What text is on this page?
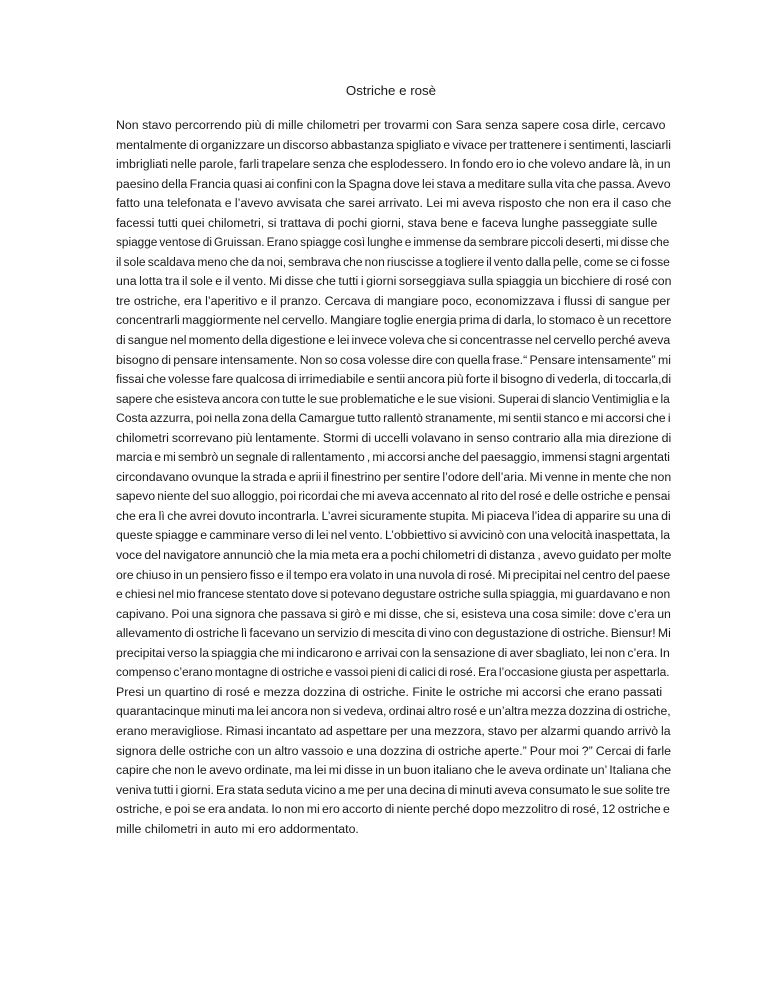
Ostriche e rosè
Non stavo percorrendo più di mille chilometri per trovarmi con Sara senza sapere cosa dirle, cercavo
mentalmente di organizzare un discorso abbastanza spigliato e vivace per trattenere i sentimenti, lasciarli
imbrigliati nelle parole, farli trapelare senza che esplodessero. In fondo ero io che volevo andare là, in un
paesino della Francia quasi ai confini con la Spagna dove lei stava a meditare sulla vita che passa. Avevo
fatto una telefonata e l’avevo avvisata che sarei arrivato. Lei mi aveva risposto che non era il caso che
facessi tutti quei chilometri, si trattava di pochi giorni, stava bene e faceva lunghe passeggiate sulle
spiagge ventose di Gruissan. Erano spiagge così lunghe e immense da sembrare piccoli deserti, mi disse che
il sole scaldava meno che da noi, sembrava che non riuscisse a togliere il vento dalla pelle, come se ci fosse
una lotta tra il sole e il vento. Mi disse che tutti i giorni sorseggiava sulla spiaggia un bicchiere di rosé con
tre ostriche, era l’aperitivo e il pranzo. Cercava di mangiare poco, economizzava i flussi di sangue per
concentrarli maggiormente nel cervello. Mangiare toglie energia prima di darla, lo stomaco è un recettore
di sangue nel momento della digestione e lei invece voleva che si concentrasse nel cervello perché aveva
bisogno di pensare intensamente. Non so cosa volesse dire con quella frase.“ Pensare intensamente” mi
fissai che volesse fare qualcosa di irrimediabile e sentii ancora più forte il bisogno di vederla, di toccarla,di
sapere che esisteva ancora con tutte le sue problematiche e le sue visioni. Superai di slancio Ventimiglia e la
Costa azzurra, poi nella zona della Camargue tutto rallentò stranamente, mi sentii stanco e mi accorsi che i
chilometri scorrevano più lentamente. Stormi di uccelli volavano in senso contrario alla mia direzione di
marcia e mi sembrò un segnale di rallentamento , mi accorsi anche del paesaggio, immensi stagni argentati
circondavano ovunque la strada e aprii il finestrino per sentire l’odore dell’aria. Mi venne in mente che non
sapevo niente del suo alloggio, poi ricordai che mi aveva accennato al rito del rosé e delle ostriche e pensai
che era lì che avrei dovuto incontrarla. L’avrei sicuramente stupita. Mi piaceva l’idea di apparire su una di
queste spiagge e camminare verso di lei nel vento. L’obbiettivo si avvicinò con una velocità inaspettata, la
voce del navigatore annunciò che la mia meta era a pochi chilometri di distanza , avevo guidato per molte
ore chiuso in un pensiero fisso e il tempo era volato in una nuvola di rosé. Mi precipitai nel centro del paese
e chiesi nel mio francese stentato dove si potevano degustare ostriche sulla spiaggia, mi guardavano e non
capivano. Poi una signora che passava si girò e mi disse, che si, esisteva una cosa simile: dove c’era un
allevamento di ostriche lì facevano un servizio di mescita di vino con degustazione di ostriche. Biensur! Mi
precipitai verso la spiaggia che mi indicarono e arrivai con la sensazione di aver sbagliato, lei non c’era. In
compenso c’erano montagne di ostriche e vassoi pieni di calici di rosé. Era l’occasione giusta per aspettarla.
Presi un quartino di rosé e mezza dozzina di ostriche. Finite le ostriche mi accorsi che erano passati
quarantacinque minuti ma lei ancora non si vedeva, ordinai altro rosé e un’altra mezza dozzina di ostriche,
erano meravigliose. Rimasi incantato ad aspettare per una mezzora, stavo per alzarmi quando arrivò la
signora delle ostriche con un altro vassoio e una dozzina di ostriche aperte.” Pour moi ?” Cercai di farle
capire che non le avevo ordinate, ma lei mi disse in un buon italiano che le aveva ordinate un’ Italiana che
veniva tutti i giorni. Era stata seduta vicino a me per una decina di minuti aveva consumato le sue solite tre
ostriche, e poi se era andata. Io non mi ero accorto di niente perché dopo mezzolitro di rosé, 12 ostriche e
mille chilometri in auto mi ero addormentato.
